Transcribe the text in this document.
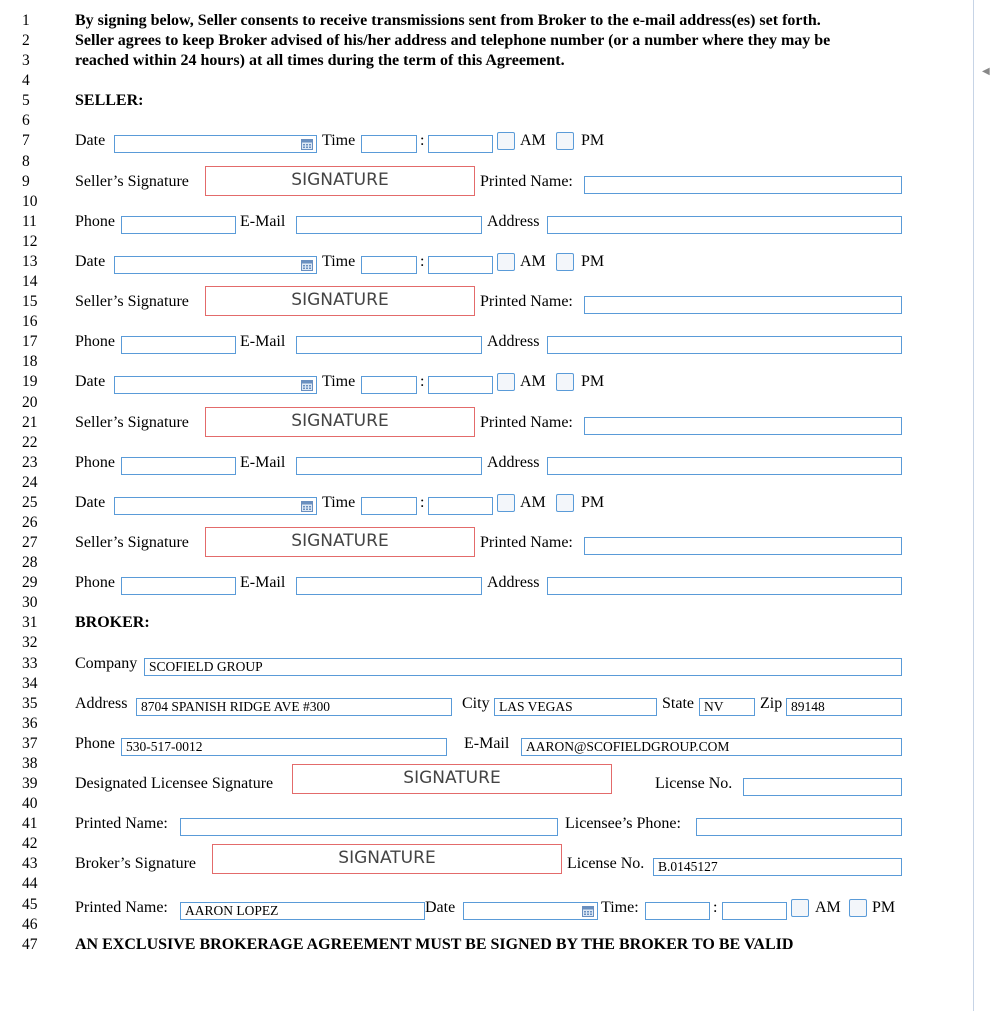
◀
1
2
3
4
5
6
7
8
9
10
11
12
13
14
15
16
17
18
19
20
21
22
23
24
25
26
27
28
29
30
31
32
33
34
35
36
37
38
39
40
41
42
43
44
45
46
47
By signing below, Seller consents to receive transmissions sent from Broker to the e-mail address(es) set forth.
Seller agrees to keep Broker advised of his/her address and telephone number (or a number where they may be
reached within 24 hours) at all times during the term of this Agreement.
SELLER:
Date	Time	:	AM PM
Seller’s Signature	SIGNATURE	Printed Name:
Phone	E-Mail	Address
Date	Time	:	AM PM
Seller’s Signature	SIGNATURE	Printed Name:
Phone	E-Mail	Address
Date	Time	:	AM PM
Seller’s Signature	SIGNATURE	Printed Name:
Phone	E-Mail	Address
Date	Time	:	AM PM
Seller’s Signature	SIGNATURE	Printed Name:
Phone	E-Mail	Address
BROKER:
Company SCOFIELD GROUP
Address	8704 SPANISH RIDGE AVE #300	City LAS VEGAS	State NV	Zip 89148
Phone 530-517-0012	E-Mail	AARON@SCOFIELDGROUP.COM
Designated Licensee Signature	SIGNATURE	License No.
Printed Name:	Licensee’s Phone:
Broker’s Signature	SIGNATURE	License No.	B.0145127
Printed Name:	AARON LOPEZ	Date	Time:	:	AM PM
AN EXCLUSIVE BROKERAGE AGREEMENT MUST BE SIGNED BY THE BROKER TO BE VALID
